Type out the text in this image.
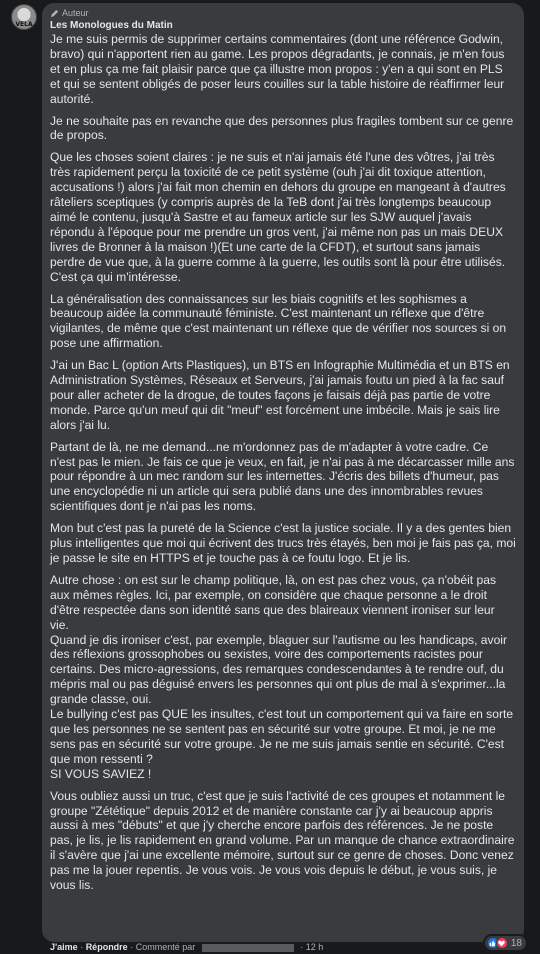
VELA
Auteur
Les Monologues du Matin

Je me suis permis de supprimer certains commentaires (dont une référence Godwin, bravo) qui n'apportent rien au game. Les propos dégradants, je connais, je m'en fous et en plus ça me fait plaisir parce que ça illustre mon propos : y'en a qui sont en PLS et qui se sentent obligés de poser leurs couilles sur la table histoire de réaffirmer leur autorité.

Je ne souhaite pas en revanche que des personnes plus fragiles tombent sur ce genre de propos.

Que les choses soient claires : je ne suis et n'ai jamais été l'une des vôtres, j'ai très très rapidement perçu la toxicité de ce petit système (ouh j'ai dit toxique attention, accusations !) alors j'ai fait mon chemin en dehors du groupe en mangeant à d'autres râteliers sceptiques (y compris auprès de la TeB dont j'ai très longtemps beaucoup aimé le contenu, jusqu'à Sastre et au fameux article sur les SJW auquel j'avais répondu à l'époque pour me prendre un gros vent, j'ai même non pas un mais DEUX livres de Bronner à la maison !)(Et une carte de la CFDT), et surtout sans jamais perdre de vue que, à la guerre comme à la guerre, les outils sont là pour être utilisés. C'est ça qui m'intéresse.

La généralisation des connaissances sur les biais cognitifs et les sophismes a beaucoup aidée la communauté féministe. C'est maintenant un réflexe que d'être vigilantes, de même que c'est maintenant un réflexe que de vérifier nos sources si on pose une affirmation.

J'ai un Bac L (option Arts Plastiques), un BTS en Infographie Multimédia et un BTS en Administration Systèmes, Réseaux et Serveurs, j'ai jamais foutu un pied à la fac sauf pour aller acheter de la drogue, de toutes façons je faisais déjà pas partie de votre monde. Parce qu'un meuf qui dit "meuf" est forcément une imbécile. Mais je sais lire alors j'ai lu.

Partant de là, ne me demand...ne m'ordonnez pas de m'adapter à votre cadre. Ce n'est pas le mien. Je fais ce que je veux, en fait, je n'ai pas à me décarcasser mille ans pour répondre à un mec random sur les internettes. J'écris des billets d'humeur, pas une encyclopédie ni un article qui sera publié dans une des innombrables revues scientifiques dont je n'ai pas les noms.

Mon but c'est pas la pureté de la Science c'est la justice sociale. Il y a des gentes bien plus intelligentes que moi qui écrivent des trucs très étayés, ben moi je fais pas ça, moi je passe le site en HTTPS et je touche pas à ce foutu logo. Et je lis.

Autre chose : on est sur le champ politique, là, on est pas chez vous, ça n'obéit pas aux mêmes règles. Ici, par exemple, on considère que chaque personne a le droit d'être respectée dans son identité sans que des blaireaux viennent ironiser sur leur vie.

Quand je dis ironiser c'est, par exemple, blaguer sur l'autisme ou les handicaps, avoir des réflexions grossophobes ou sexistes, voire des comportements racistes pour certains. Des micro-agressions, des remarques condescendantes à te rendre ouf, du mépris mal ou pas déguisé envers les personnes qui ont plus de mal à s'exprimer...la grande classe, oui.

Le bullying c'est pas QUE les insultes, c'est tout un comportement qui va faire en sorte que les personnes ne se sentent pas en sécurité sur votre groupe. Et moi, je ne me sens pas en sécurité sur votre groupe. Je ne me suis jamais sentie en sécurité. C'est que mon ressenti ?

SI VOUS SAVIEZ !

Vous oubliez aussi un truc, c'est que je suis l'activité de ces groupes et notamment le groupe "Zététique" depuis 2012 et de manière constante car j'y ai beaucoup appris aussi à mes "débuts" et que j'y cherche encore parfois des références. Je ne poste pas, je lis, je lis rapidement en grand volume. Par un manque de chance extraordinaire il s'avère que j'ai une excellente mémoire, surtout sur ce genre de choses. Donc venez pas me la jouer repentis. Je vous vois. Je vous vois depuis le début, je vous suis, je vous lis.

J'aime · Répondre · Commenté par	· 12 h	18
